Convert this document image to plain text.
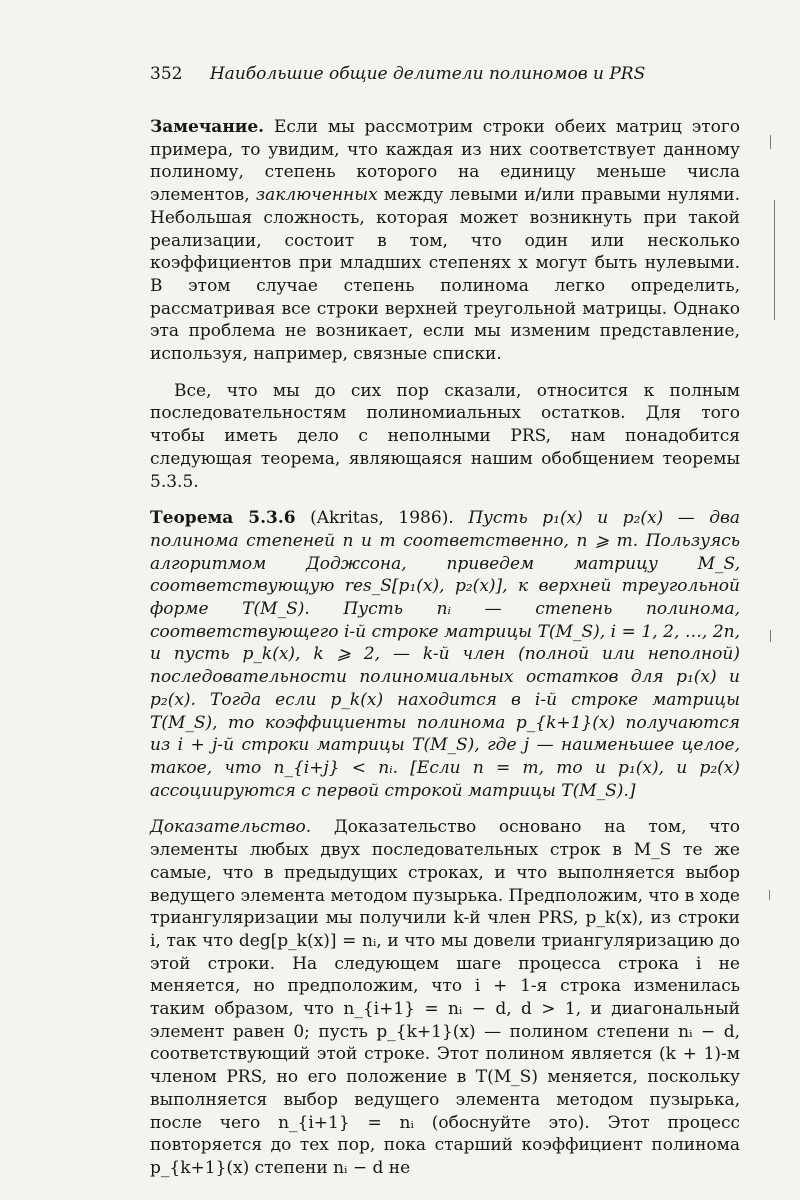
352 Наибольшие общие делители полиномов и PRS

Замечание. Если мы рассмотрим строки обеих матриц этого примера, то увидим, что каждая из них соответствует данному полиному, степень которого на единицу меньше числа элементов, заключенных между левыми и/или правыми нулями. Небольшая сложность, которая может возникнуть при такой реализации, состоит в том, что один или несколько коэффициентов при младших степенях x могут быть нулевыми. В этом случае степень полинома легко определить, рассматривая все строки верхней треугольной матрицы. Однако эта проблема не возникает, если мы изменим представление, используя, например, связные списки.

Все, что мы до сих пор сказали, относится к полным последовательностям полиномиальных остатков. Для того чтобы иметь дело с неполными PRS, нам понадобится следующая теорема, являющаяся нашим обобщением теоремы 5.3.5.

Теорема 5.3.6 (Akritas, 1986). Пусть p₁(x) и p₂(x) — два полинома степеней n и m соответственно, n ⩾ m. Пользуясь алгоритмом Доджсона, приведем матрицу M_S, соответствующую res_S[p₁(x), p₂(x)], к верхней треугольной форме T(M_S). Пусть nᵢ — степень полинома, соответствующего i-й строке матрицы T(M_S), i = 1, 2, …, 2n, и пусть p_k(x), k ⩾ 2, — k-й член (полной или неполной) последовательности полиномиальных остатков для p₁(x) и p₂(x). Тогда если p_k(x) находится в i-й строке матрицы T(M_S), то коэффициенты полинома p_{k+1}(x) получаются из i + j-й строки матрицы T(M_S), где j — наименьшее целое, такое, что n_{i+j} < nᵢ. [Если n = m, то и p₁(x), и p₂(x) ассоциируются с первой строкой матрицы T(M_S).]

Доказательство. Доказательство основано на том, что элементы любых двух последовательных строк в M_S те же самые, что в предыдущих строках, и что выполняется выбор ведущего элемента методом пузырька. Предположим, что в ходе триангуляризации мы получили k-й член PRS, p_k(x), из строки i, так что deg[p_k(x)] = nᵢ, и что мы довели триангуляризацию до этой строки. На следующем шаге процесса строка i не меняется, но предположим, что i + 1-я строка изменилась таким образом, что n_{i+1} = nᵢ − d, d > 1, и диагональный элемент равен 0; пусть p_{k+1}(x) — полином степени nᵢ − d, соответствующий этой строке. Этот полином является (k + 1)-м членом PRS, но его положение в T(M_S) меняется, поскольку выполняется выбор ведущего элемента методом пузырька, после чего n_{i+1} = nᵢ (обоснуйте это). Этот процесс повторяется до тех пор, пока старший коэффициент полинома p_{k+1}(x) степени nᵢ − d не
